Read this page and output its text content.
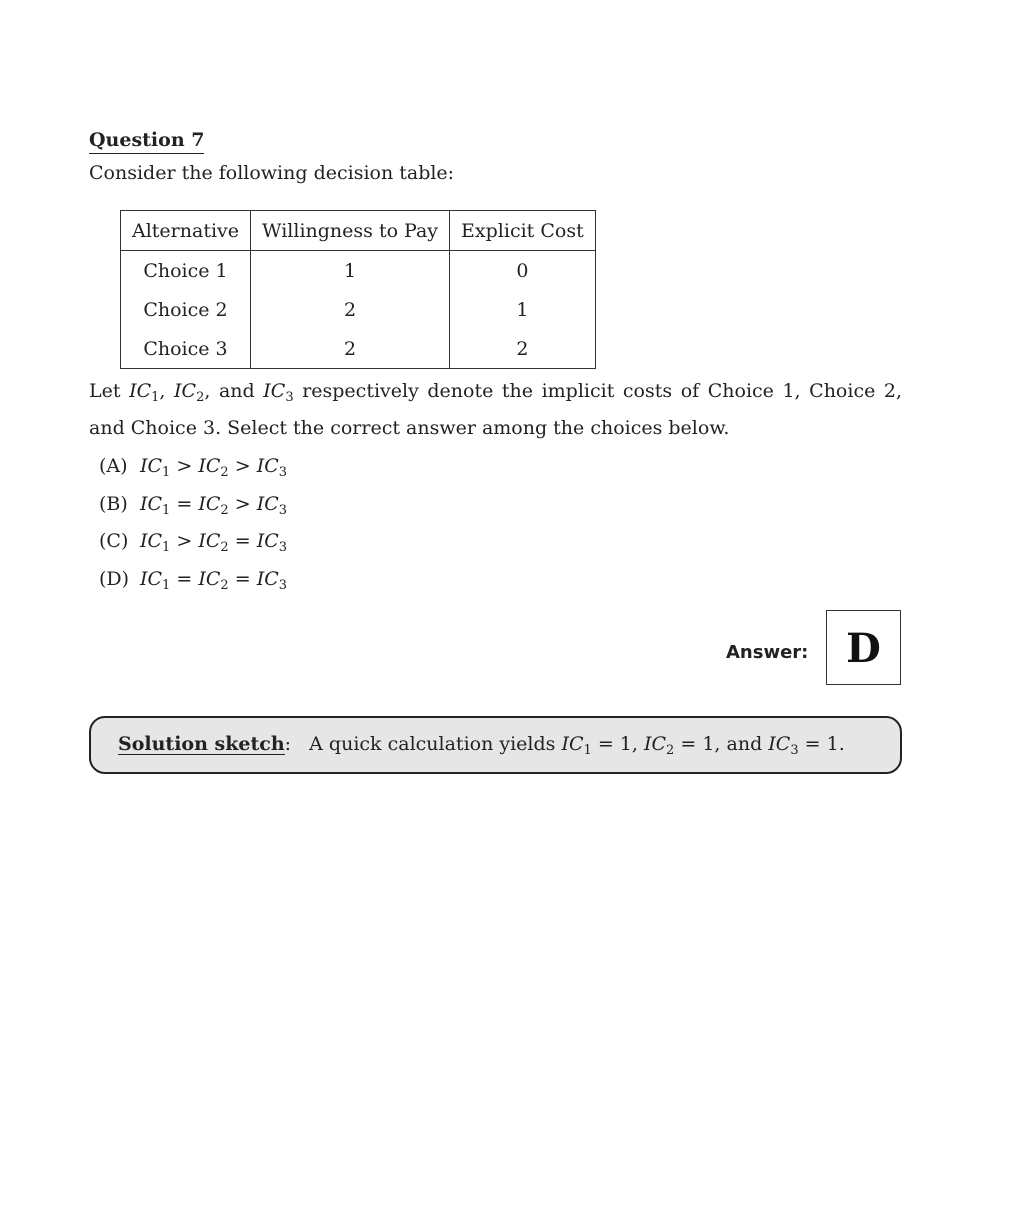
Question 7
Consider the following decision table:
Alternative	Willingness to Pay	Explicit Cost
Choice 1	1	0
Choice 2	2	1
Choice 3	2	2
Let $IC_1$, $IC_2$, and $IC_3$ respectively denote the implicit costs of Choice 1, Choice 2, and Choice 3. Select the correct answer among the choices below.
(A) $IC_1 > IC_2 > IC_3$
(B) $IC_1 = IC_2 > IC_3$
(C) $IC_1 > IC_2 = IC_3$
(D) $IC_1 = IC_2 = IC_3$
Answer: D
Solution sketch: A quick calculation yields $IC_1 = 1$, $IC_2 = 1$, and $IC_3 = 1$.
